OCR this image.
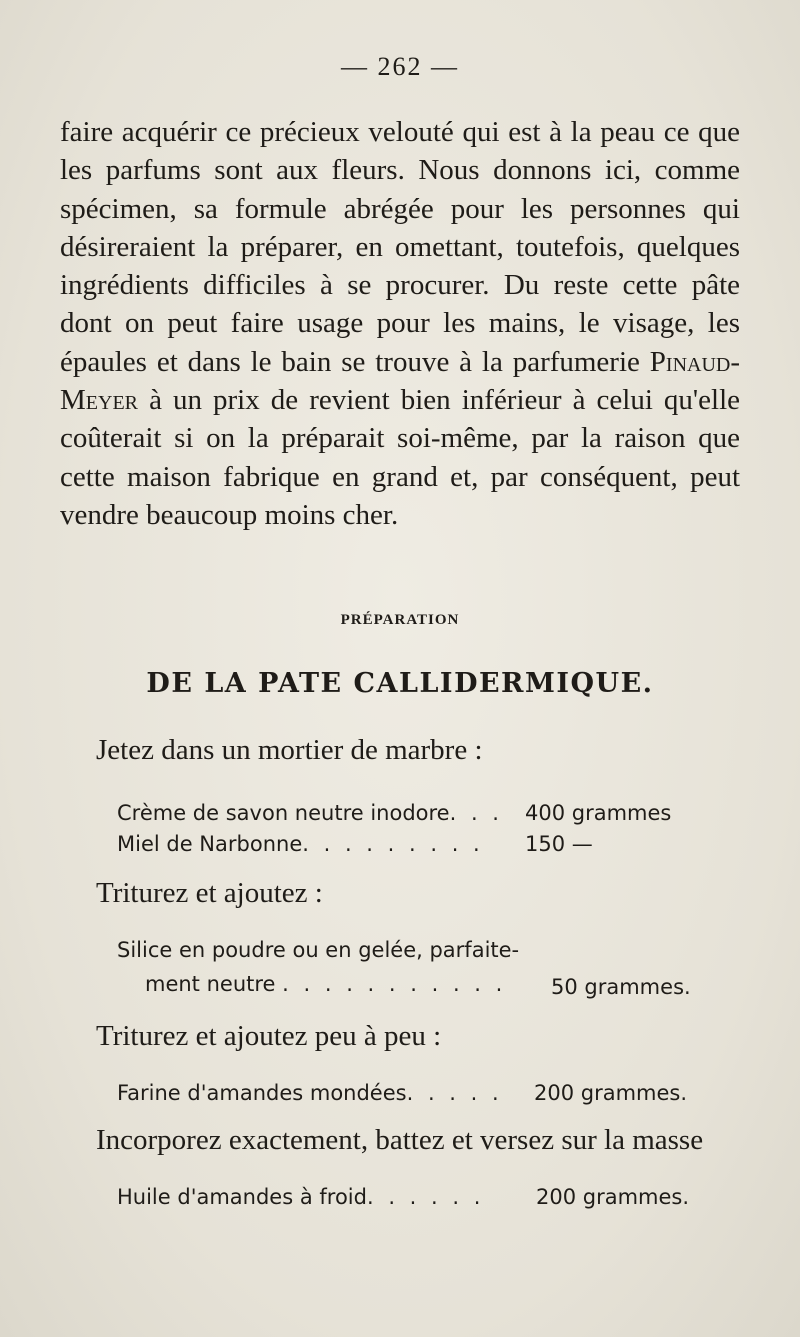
— 262 —
faire acquérir ce précieux velouté qui est à la peau ce que les parfums sont aux fleurs. Nous donnons ici, comme spécimen, sa formule abrégée pour les personnes qui désireraient la préparer, en omettant, toutefois, quelques ingrédients difficiles à se procurer. Du reste cette pâte dont on peut faire usage pour les mains, le visage, les épaules et dans le bain se trouve à la parfumerie Pinaud-Meyer à un prix de revient bien inférieur à celui qu'elle coûterait si on la préparait soi-même, par la raison que cette maison fabrique en grand et, par conséquent, peut vendre beaucoup moins cher.
PRÉPARATION
DE LA PATE CALLIDERMIQUE.
Jetez dans un mortier de marbre :
Crème de savon neutre inodore. . . 400 grammes
Miel de Narbonne. . . . . . . . . 150 —
Triturez et ajoutez :
Silice en poudre ou en gelée, parfaite-
ment neutre . . . . . . . . . . . 50 grammes.
Triturez et ajoutez peu à peu :
Farine d'amandes mondées. . . . . 200 grammes.
Incorporez exactement, battez et versez sur la masse
Huile d'amandes à froid. . . . . . 200 grammes.
